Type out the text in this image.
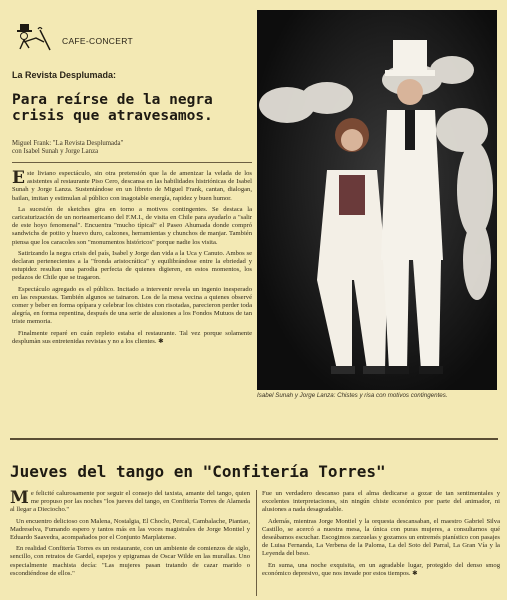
CAFE-CONCERT
La Revista Desplumada:
Para reírse de la negra crisis que atravesamos.
Miguel Frank: "La Revista Desplumada"
con Isabel Sunah y Jorge Lanza

Este liviano espectáculo, sin otra pretensión que la de amenizar la velada de los asistentes al restaurante Piso Cero, descansa en las habilidades histriónicas de Isabel Sunah y Jorge Lanza. Sustentándose en un libreto de Miguel Frank, cantan, dialogan, bailan, imitan y estimulan al público con inagotable energía, rapidez y buen humor.

La sucesión de sketches gira en torno a motivos contingentes. Se destaca la caricaturización de un norteamericano del F.M.I., de visita en Chile para ayudarlo a "salir de este hoyo fenomenal". Encuentra "mucho típical" el Paseo Ahumada donde compró sandwichs de potito y huevo duro, calzones, herramientas y chunchos de manjar. También piensa que los caracoles son "monumentos históricos" porque nadie los visita.

Satirizando la negra crisis del país, Isabel y Jorge dan vida a la Uca y Canuto. Ambos se declaran pertenecientes a la "fronda aristocrática" y equilibrándose entre la ebriedad y estupidez resultan una parodia perfecta de quienes digieren, en estos momentos, los pedazos de Chile que se tragaron.

Espectáculo agregado es el público. Incitado a intervenir revela un ingenio inesperado en las respuestas. También algunos se tainaron. Los de la mesa vecina a quienes observé comer y beber en forma opípara y celebrar los chistes con risotadas, parecieron perder toda alegría, en forma repentina, después de una serie de alusiones a los Fondos Mutuos de tan triste memoria.

Finalmente reparé en cuán repleto estaba el restaurante. Tal vez porque solamente desplumàn sus entretenidas revistas y no a los clientes. ✱

Isabel Sunah y Jorge Lanza: Chistes y risa con motivos contingentes.
Jueves del tango en "Confitería Torres"

Me felicité calurosamente por seguir el consejo del taxista, amante del tango, quien me propuso por las noches "los jueves del tango, en Confitería Torres de Alameda al llegar a Dieciocho."

Un encuentro delicioso con Malena, Nostalgia, El Choclo, Percal, Cambalache, Piantao, Madreselva, Fumando espero y tantos más en las voces magistrales de Jorge Montiel y Eduardo Saavedra, acompañados por el Conjunto Marplatense.

En realidad Confitería Torres es un restaurante, con un ambiente de comienzos de siglo, sencillo, con retratos de Gardel, espejos y epigramas de Oscar Wilde en las murallas. Uno especialmente machista decía: "Las mujeres pasan tratando de cazar marido o escondiéndose de ellos."

Fue un verdadero descanso para el alma dedicarse a gozar de tan sentimentales y excelentes interpretaciones, sin ningún chiste económico por parte del animador, ni alusiones a nada desagradable.

Además, mientras Jorge Montiel y la orquesta descansaban, el maestro Gabriel Silva Castillo, se acercó a nuestra mesa, la única con puras mujeres, a consultarnos qué deseábamos escuchar. Escogimos zarzuelas y gozamos un entremés pianístico con pasajes de Luisa Fernanda, La Verbena de la Paloma, La del Soto del Parral, La Gran Vía y la Leyenda del beso.

En suma, una noche exquisita, en un agradable lugar, protegido del denso smog económico depresivo, que nos invade por estos tiempos. ✱
